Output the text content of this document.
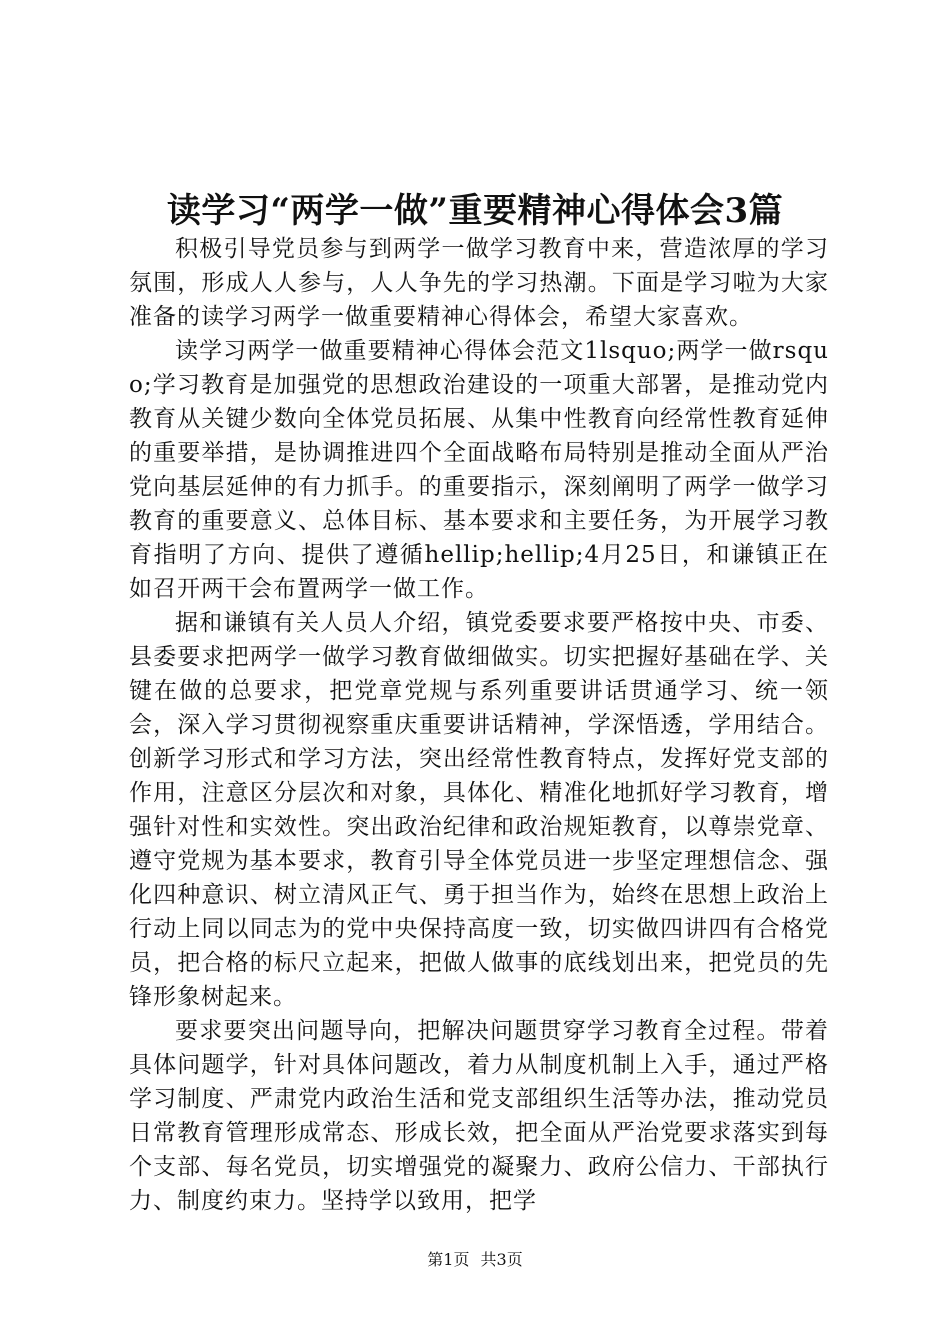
读学习“两学一做”重要精神心得体会3篇

积极引导党员参与到两学一做学习教育中来，营造浓厚的学习氛围，形成人人参与，人人争先的学习热潮。下面是学习啦为大家准备的读学习两学一做重要精神心得体会，希望大家喜欢。

读学习两学一做重要精神心得体会范文1lsquo;两学一做rsquo;学习教育是加强党的思想政治建设的一项重大部署，是推动党内教育从关键少数向全体党员拓展、从集中性教育向经常性教育延伸的重要举措，是协调推进四个全面战略布局特别是推动全面从严治党向基层延伸的有力抓手。的重要指示，深刻阐明了两学一做学习教育的重要意义、总体目标、基本要求和主要任务，为开展学习教育指明了方向、提供了遵循hellip;hellip;4月25日，和谦镇正在如召开两干会布置两学一做工作。

据和谦镇有关人员人介绍，镇党委要求要严格按中央、市委、县委要求把两学一做学习教育做细做实。切实把握好基础在学、关键在做的总要求，把党章党规与系列重要讲话贯通学习、统一领会，深入学习贯彻视察重庆重要讲话精神，学深悟透，学用结合。创新学习形式和学习方法，突出经常性教育特点，发挥好党支部的作用，注意区分层次和对象，具体化、精准化地抓好学习教育，增强针对性和实效性。突出政治纪律和政治规矩教育，以尊崇党章、遵守党规为基本要求，教育引导全体党员进一步坚定理想信念、强化四种意识、树立清风正气、勇于担当作为，始终在思想上政治上行动上同以同志为的党中央保持高度一致，切实做四讲四有合格党员，把合格的标尺立起来，把做人做事的底线划出来，把党员的先锋形象树起来。

要求要突出问题导向，把解决问题贯穿学习教育全过程。带着具体问题学，针对具体问题改，着力从制度机制上入手，通过严格学习制度、严肃党内政治生活和党支部组织生活等办法，推动党员日常教育管理形成常态、形成长效，把全面从严治党要求落实到每个支部、每名党员，切实增强党的凝聚力、政府公信力、干部执行力、制度约束力。坚持学以致用，把学

第1页 共3页
